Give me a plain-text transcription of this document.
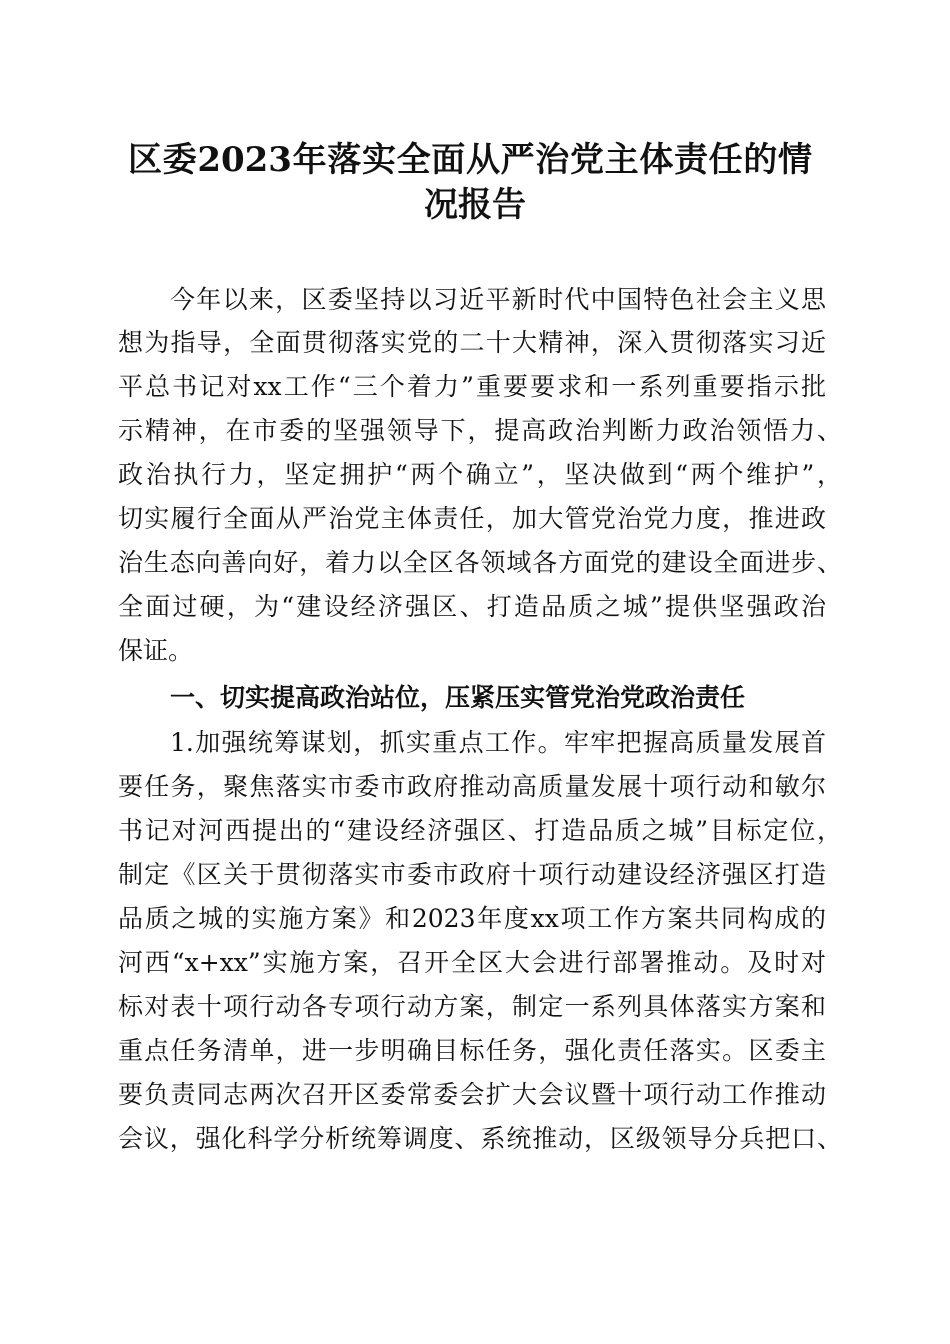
区委2023年落实全面从严治党主体责任的情
况报告
今年以来，区委坚持以习近平新时代中国特色社会主义思
想为指导，全面贯彻落实党的二十大精神，深入贯彻落实习近
平总书记对xx工作“三个着力”重要要求和一系列重要指示批
示精神，在市委的坚强领导下，提高政治判断力政治领悟力、
政治执行力，坚定拥护“两个确立”，坚决做到“两个维护”，
切实履行全面从严治党主体责任，加大管党治党力度，推进政
治生态向善向好，着力以全区各领域各方面党的建设全面进步、
全面过硬，为“建设经济强区、打造品质之城”提供坚强政治
保证。
一、切实提高政治站位，压紧压实管党治党政治责任
1.加强统筹谋划，抓实重点工作。牢牢把握高质量发展首
要任务，聚焦落实市委市政府推动高质量发展十项行动和敏尔
书记对河西提出的“建设经济强区、打造品质之城”目标定位，
制定《区关于贯彻落实市委市政府十项行动建设经济强区打造
品质之城的实施方案》和2023年度xx项工作方案共同构成的
河西“x+xx”实施方案，召开全区大会进行部署推动。及时对
标对表十项行动各专项行动方案，制定一系列具体落实方案和
重点任务清单，进一步明确目标任务，强化责任落实。区委主
要负责同志两次召开区委常委会扩大会议暨十项行动工作推动
会议，强化科学分析统筹调度、系统推动，区级领导分兵把口、
